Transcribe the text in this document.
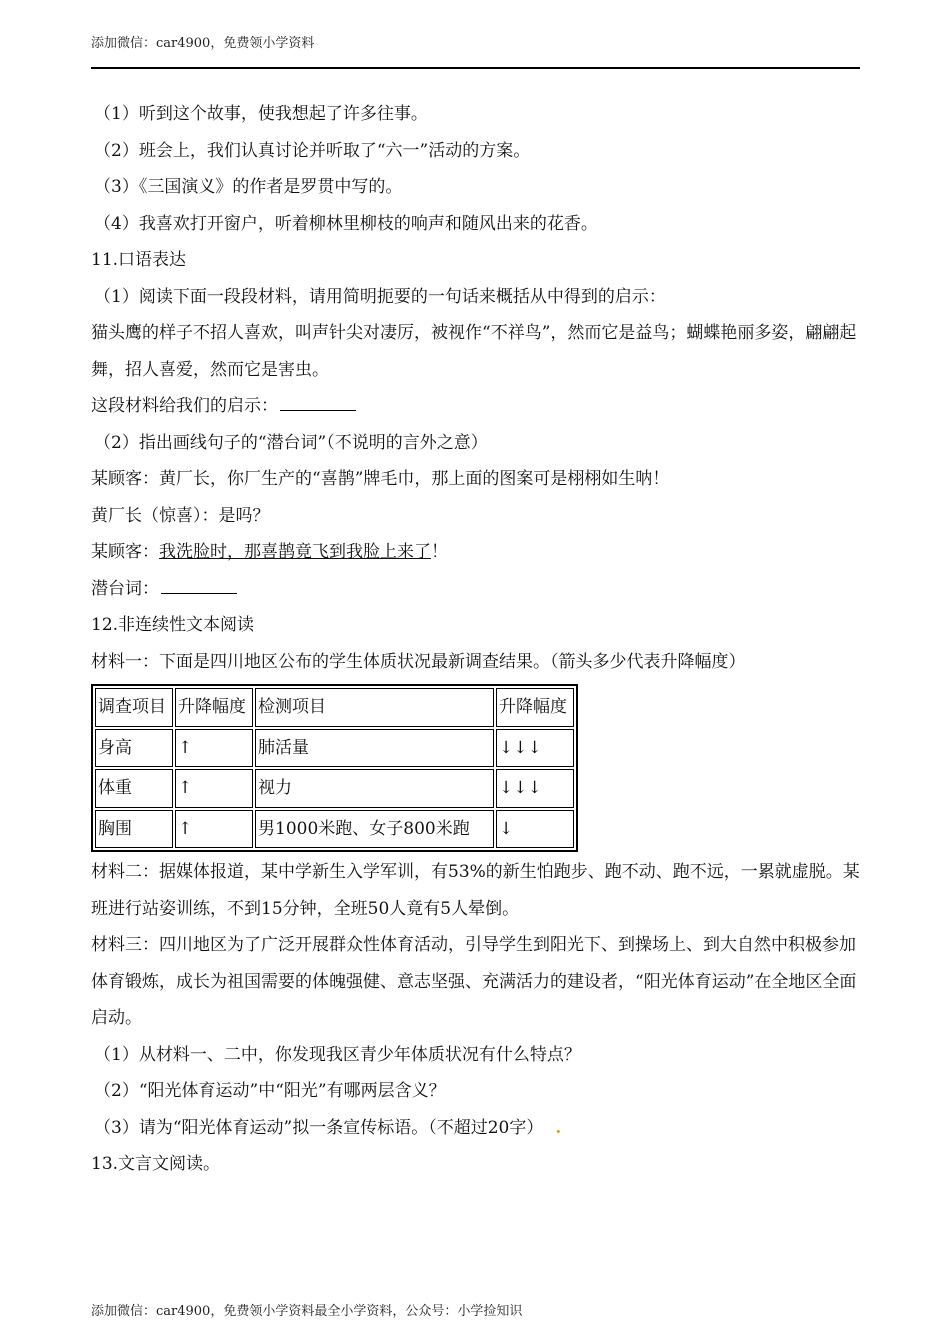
添加微信：car4900，免费领小学资料
（1）听到这个故事，使我想起了许多往事。
（2）班会上，我们认真讨论并听取了“六一”活动的方案。
（3）《三国演义》的作者是罗贯中写的。
（4）我喜欢打开窗户，听着柳林里柳枝的响声和随风出来的花香。
11.口语表达
（1）阅读下面一段段材料，请用简明扼要的一句话来概括从中得到的启示：
猫头鹰的样子不招人喜欢，叫声针尖对凄厉，被视作“不祥鸟”，然而它是益鸟；蝴蝶艳丽多姿，翩翩起舞，招人喜爱，然而它是害虫。
这段材料给我们的启示：
（2）指出画线句子的“潜台词”（不说明的言外之意）
某顾客：黄厂长，你厂生产的“喜鹊”牌毛巾，那上面的图案可是栩栩如生呐！
黄厂长（惊喜）：是吗？
某顾客：我洗脸时，那喜鹊竟飞到我脸上来了！
潜台词：
12.非连续性文本阅读
材料一：下面是四川地区公布的学生体质状况最新调查结果。（箭头多少代表升降幅度）
调查项目	升降幅度	检测项目	升降幅度
身高	↑	肺活量	↓↓↓
体重	↑	视力	↓↓↓
胸围	↑	男1000米跑、女子800米跑	↓
材料二：据媒体报道，某中学新生入学军训，有53%的新生怕跑步、跑不动、跑不远，一累就虚脱。某班进行站姿训练，不到15分钟，全班50人竟有5人晕倒。
材料三：四川地区为了广泛开展群众性体育活动，引导学生到阳光下、到操场上、到大自然中积极参加体育锻炼，成长为祖国需要的体魄强健、意志坚强、充满活力的建设者，“阳光体育运动”在全地区全面启动。
（1）从材料一、二中，你发现我区青少年体质状况有什么特点？
（2）“阳光体育运动”中“阳光”有哪两层含义？
（3）请为“阳光体育运动”拟一条宣传标语。（不超过20字） .
13.文言文阅读。
添加微信：car4900，免费领小学资料最全小学资料，公众号：小学捡知识
